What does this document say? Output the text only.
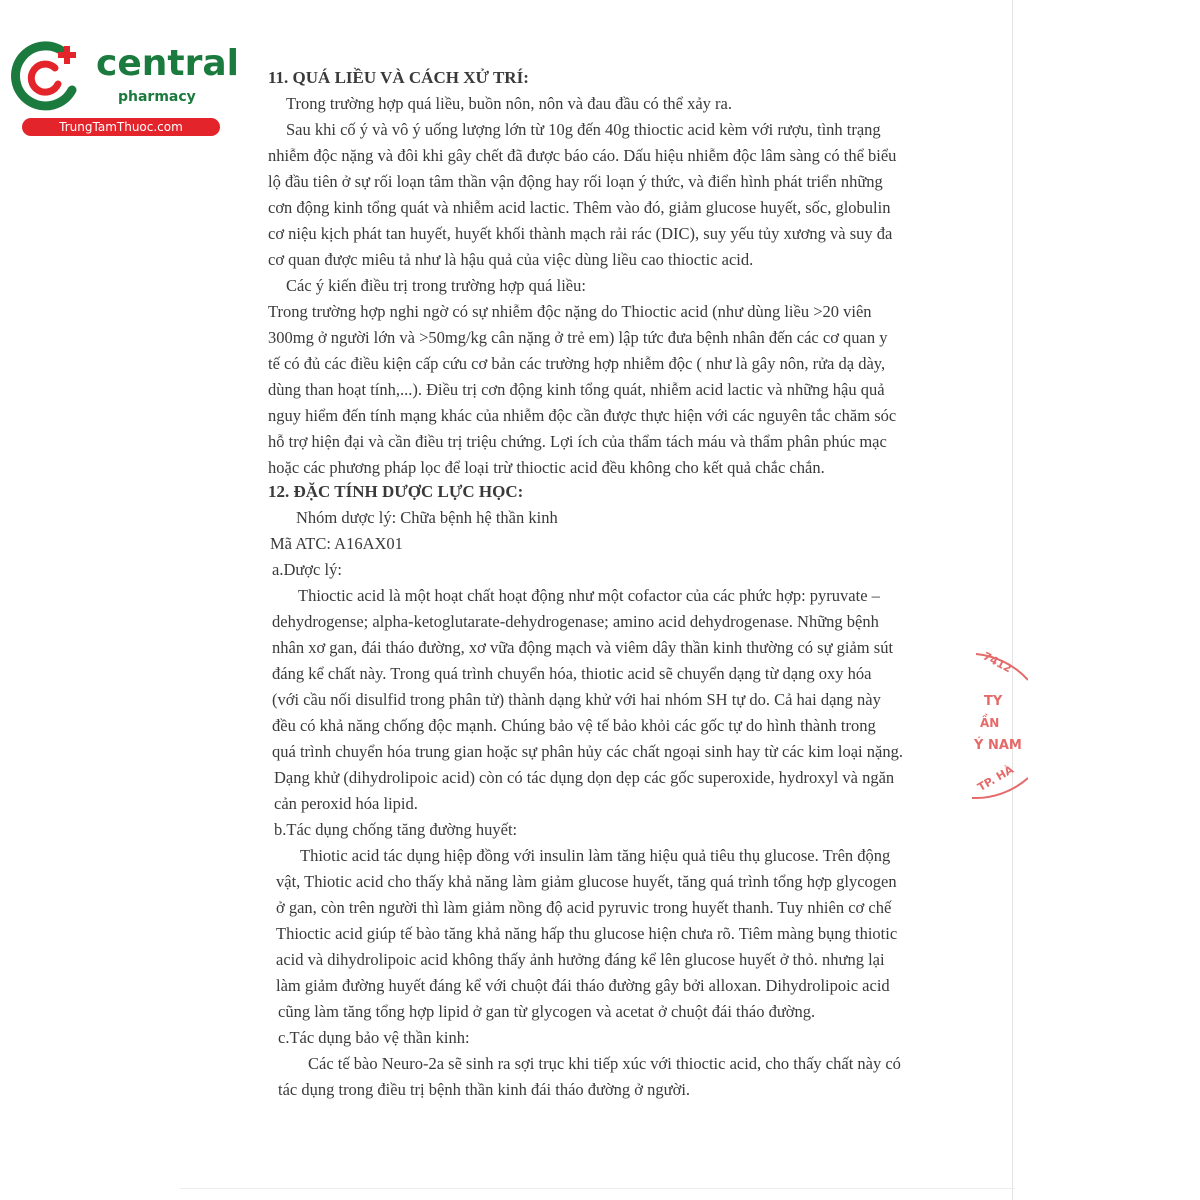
central
pharmacy
TrungTamThuoc.com
11. QUÁ LIỀU VÀ CÁCH XỬ TRÍ:
Trong trường hợp quá liều, buồn nôn, nôn và đau đầu có thể xảy ra.
Sau khi cố ý và vô ý uống lượng lớn từ 10g đến 40g thioctic acid kèm với rượu, tình trạng
nhiễm độc nặng và đôi khi gây chết đã được báo cáo. Dấu hiệu nhiễm độc lâm sàng có thể biểu
lộ đầu tiên ở sự rối loạn tâm thần vận động hay rối loạn ý thức, và điển hình phát triển những
cơn động kinh tổng quát và nhiễm acid lactic. Thêm vào đó, giảm glucose huyết, sốc, globulin
cơ niệu kịch phát tan huyết, huyết khối thành mạch rải rác (DIC), suy yếu tủy xương và suy đa
cơ quan được miêu tả như là hậu quả của việc dùng liều cao thioctic acid.
Các ý kiến điều trị trong trường hợp quá liều:
Trong trường hợp nghi ngờ có sự nhiễm độc nặng do Thioctic acid (như dùng liều >20 viên
300mg ở người lớn và >50mg/kg cân nặng ở trẻ em) lập tức đưa bệnh nhân đến các cơ quan y
tế có đủ các điều kiện cấp cứu cơ bản các trường hợp nhiễm độc ( như là gây nôn, rửa dạ dày,
dùng than hoạt tính,...). Điều trị cơn động kinh tổng quát, nhiễm acid lactic và những hậu quả
nguy hiểm đến tính mạng khác của nhiễm độc cần được thực hiện với các nguyên tắc chăm sóc
hỗ trợ hiện đại và cần điều trị triệu chứng. Lợi ích của thẩm tách máu và thẩm phân phúc mạc
hoặc các phương pháp lọc để loại trừ thioctic acid đều không cho kết quả chắc chắn.
12. ĐẶC TÍNH DƯỢC LỰC HỌC:
Nhóm dược lý: Chữa bệnh hệ thần kinh
Mã ATC: A16AX01
a.Dược lý:
Thioctic acid là một hoạt chất hoạt động như một cofactor của các phức hợp: pyruvate –
dehydrogense; alpha-ketoglutarate-dehydrogenase; amino acid dehydrogenase. Những bệnh
nhân xơ gan, đái tháo đường, xơ vữa động mạch và viêm dây thần kinh thường có sự giảm sút
đáng kể chất này. Trong quá trình chuyển hóa, thiotic acid sẽ chuyển dạng từ dạng oxy hóa
(với cầu nối disulfid trong phân tử) thành dạng khử với hai nhóm SH tự do. Cả hai dạng này
đều có khả năng chống độc mạnh. Chúng bảo vệ tế bảo khỏi các gốc tự do hình thành trong
quá trình chuyển hóa trung gian hoặc sự phân hủy các chất ngoại sinh hay từ các kim loại nặng.
Dạng khử (dihydrolipoic acid) còn có tác dụng dọn dẹp các gốc superoxide, hydroxyl và ngăn
cản peroxid hóa lipid.
b.Tác dụng chống tăng đường huyết:
Thiotic acid tác dụng hiệp đồng với insulin làm tăng hiệu quả tiêu thụ glucose. Trên động
vật, Thiotic acid cho thấy khả năng làm giảm glucose huyết, tăng quá trình tổng hợp glycogen
ở gan, còn trên người thì làm giảm nồng độ acid pyruvic trong huyết thanh. Tuy nhiên cơ chế
Thioctic acid giúp tế bào tăng khả năng hấp thu glucose hiện chưa rõ. Tiêm màng bụng thiotic
acid và dihydrolipoic acid không thấy ảnh hưởng đáng kể lên glucose huyết ở thỏ. nhưng lại
làm giảm đường huyết đáng kể với chuột đái tháo đường gây bởi alloxan. Dihydrolipoic acid
cũng làm tăng tổng hợp lipid ở gan từ glycogen và acetat ở chuột đái tháo đường.
c.Tác dụng bảo vệ thần kinh:
Các tế bào Neuro-2a sẽ sinh ra sợi trục khi tiếp xúc với thioctic acid, cho thấy chất này có
tác dụng trong điều trị bệnh thần kinh đái tháo đường ở người.
7412
TY
ẦN
Ý NAM
TP. HÀ
